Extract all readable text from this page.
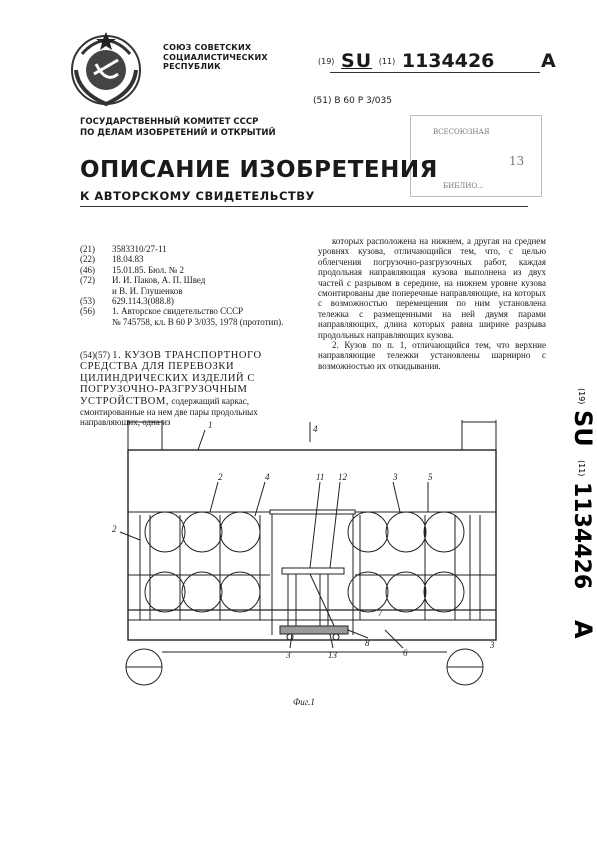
СОЮЗ СОВЕТСКИХ
СОЦИАЛИСТИЧЕСКИХ
РЕСПУБЛИК
(19) SU (11) 1134426 A
(51) В 60 Р 3/035
ГОСУДАРСТВЕННЫЙ КОМИТЕТ СССР
ПО ДЕЛАМ ИЗОБРЕТЕНИЙ И ОТКРЫТИЙ	ВСЕСОЮЗНАЯ
13
БИБЛИО...
ОПИСАНИЕ ИЗОБРЕТЕНИЯ
К АВТОРСКОМУ СВИДЕТЕЛЬСТВУ
(21)	3583310/27-11
(22)	18.04.83
(46)	15.01.85. Бюл. № 2
(72)	И. И. Паков, А. П. Швед
и В. И. Глушенков
(53)	629.114.3(088.8)
(56)	1. Авторское свидетельство СССР
№ 745758, кл. В 60 Р 3/035, 1978 (прототип).
(54)(57) 1. КУЗОВ ТРАНСПОРТНОГО СРЕДСТВА ДЛЯ ПЕРЕВОЗКИ ЦИЛИНДРИЧЕСКИХ ИЗДЕЛИЙ С ПОГРУЗОЧНО-РАЗГРУЗОЧНЫМ УСТРОЙСТВОМ, содержащий каркас, смонтированные на нем две пары продольных направляющих, одна из

которых расположена на нижнем, а другая на среднем уровнях кузова, отличающийся тем, что, с целью облегчения погрузочно-разгрузочных работ, каждая продольная направляющая кузова выполнена из двух частей с разрывом в середине, на нижнем уровне кузова смонтированы две поперечные направляющие, на которых с возможностью перемещения по ним установлена тележка с размещенными на ней двумя парами направляющих, длина которых равна ширине разрыва продольных направляющих кузова.

2. Кузов по п. 1, отличающийся тем, что верхние направляющие тележки установлены шарнирно с возможностью их откидывания.

(19)
SU
(11)
1134426
A
1
2
2
4
4
11 12	3	5
3	13
8
6
7
3
Фиг.1
